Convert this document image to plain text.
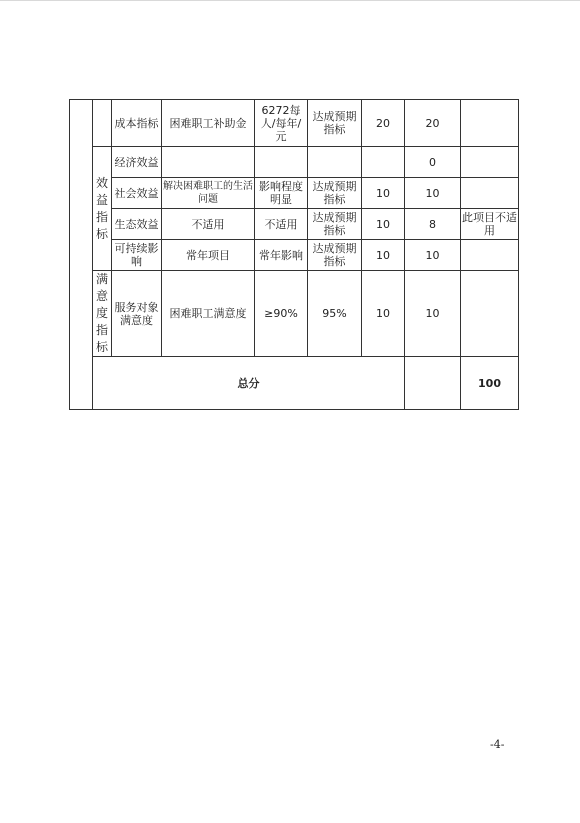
		成本指标	困难职工补助金	6272每人/每年/元	达成预期指标	20	20		
	效益指标	经济效益					0		
		社会效益	解决困难职工的生活问题	影响程度明显	达成预期指标	10	10		
		生态效益	不适用	不适用	达成预期指标	10	8	此项目不适用	
		可持续影响	常年项目	常年影响	达成预期指标	10	10		
	满意度指标	服务对象满意度	困难职工满意度	≥90%	95%	10	10		
	总分							100		
-4-
